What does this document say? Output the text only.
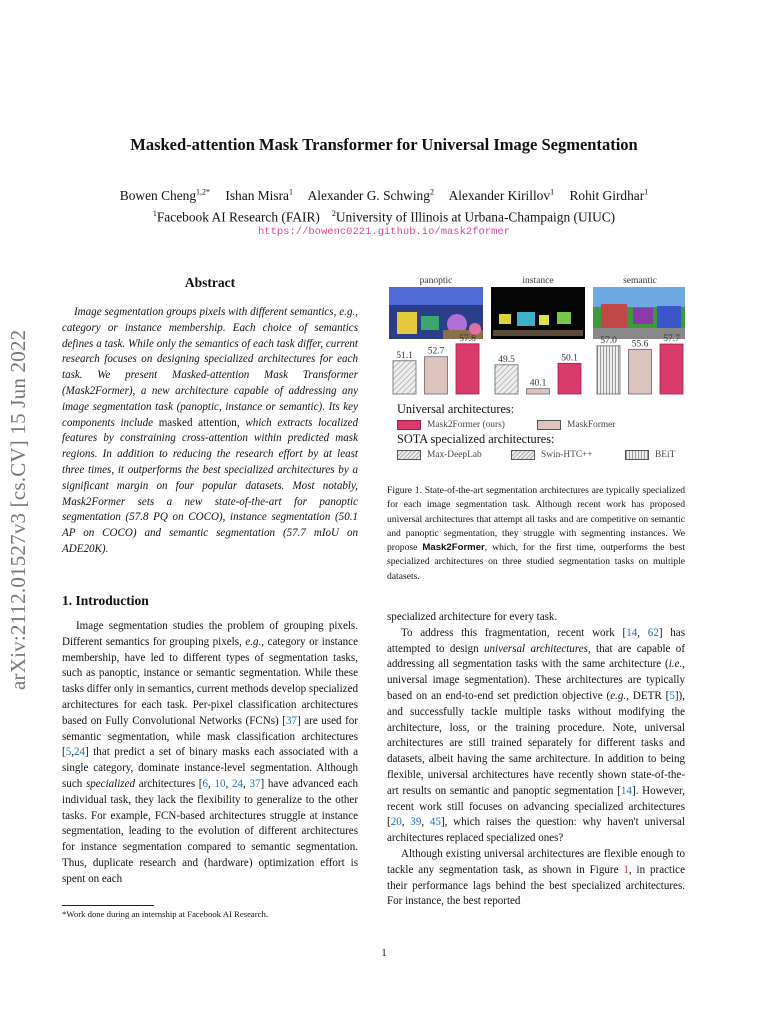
Masked-attention Mask Transformer for Universal Image Segmentation
Bowen Cheng$^{1,2*}$ Ishan Misra$^1$ Alexander G. Schwing$^2$ Alexander Kirillov$^1$ Rohit Girdhar$^1$
$^1$Facebook AI Research (FAIR) $^2$University of Illinois at Urbana-Champaign (UIUC)
https://bowenc0221.github.io/mask2former
arXiv:2112.01527v3 [cs.CV] 15 Jun 2022
Abstract
Image segmentation groups pixels with different semantics, e.g., category or instance membership. Each choice of semantics defines a task. While only the semantics of each task differ, current research focuses on designing specialized architectures for each task. We present Masked-attention Mask Transformer (Mask2Former), a new architecture capable of addressing any image segmentation task (panoptic, instance or semantic). Its key components include masked attention, which extracts localized features by constraining cross-attention within predicted mask regions. In addition to reducing the research effort by at least three times, it outperforms the best specialized architectures by a significant margin on four popular datasets. Most notably, Mask2Former sets a new state-of-the-art for panoptic segmentation (57.8 PQ on COCO), instance segmentation (50.1 AP on COCO) and semantic segmentation (57.7 mIoU on ADE20K).
1. Introduction

Image segmentation studies the problem of grouping pixels. Different semantics for grouping pixels, e.g., category or instance membership, have led to different types of segmentation tasks, such as panoptic, instance or semantic segmentation. While these tasks differ only in semantics, current methods develop specialized architectures for each task. Per-pixel classification architectures based on Fully Convolutional Networks (FCNs) [37] are used for semantic segmentation, while mask classification architectures [5,24] that predict a set of binary masks each associated with a single category, dominate instance-level segmentation. Although such specialized architectures [6, 10, 24, 37] have advanced each individual task, they lack the flexibility to generalize to the other tasks. For example, FCN-based architectures struggle at instance segmentation, leading to the evolution of different architectures for instance segmentation compared to semantic segmentation. Thus, duplicate research and (hardware) optimization effort is spent on each

*Work done during an internship at Facebook AI Research.

specialized architecture for every task.

To address this fragmentation, recent work [14, 62] has attempted to design universal architectures, that are capable of addressing all segmentation tasks with the same architecture (i.e., universal image segmentation). These architectures are typically based on an end-to-end set prediction objective (e.g., DETR [5]), and successfully tackle multiple tasks without modifying the architecture, loss, or the training procedure. Note, universal architectures are still trained separately for different tasks and datasets, albeit having the same architecture. In addition to being flexible, universal architectures have recently shown state-of-the-art results on semantic and panoptic segmentation [14]. However, recent work still focuses on advancing specialized architectures [20, 39, 45], which raises the question: why haven't universal architectures replaced specialized ones?

Although existing universal architectures are flexible enough to tackle any segmentation task, as shown in Figure 1, in practice their performance lags behind the best specialized architectures. For instance, the best reported

panoptic	instance	semantic
51.1 52.7
57.8
49.5
40.1
50.1
57.0 55.6
57.7
Universal architectures:
Mask2Former (ours)	MaskFormer
SOTA specialized architectures:
Max-DeepLab	Swin-HTC++	BEiT
Figure 1. State-of-the-art segmentation architectures are typically specialized for each image segmentation task. Although recent work has proposed universal architectures that attempt all tasks and are competitive on semantic and panoptic segmentation, they struggle with segmenting instances. We propose Mask2Former, which, for the first time, outperforms the best specialized architectures on three studied segmentation tasks on multiple datasets.
1
